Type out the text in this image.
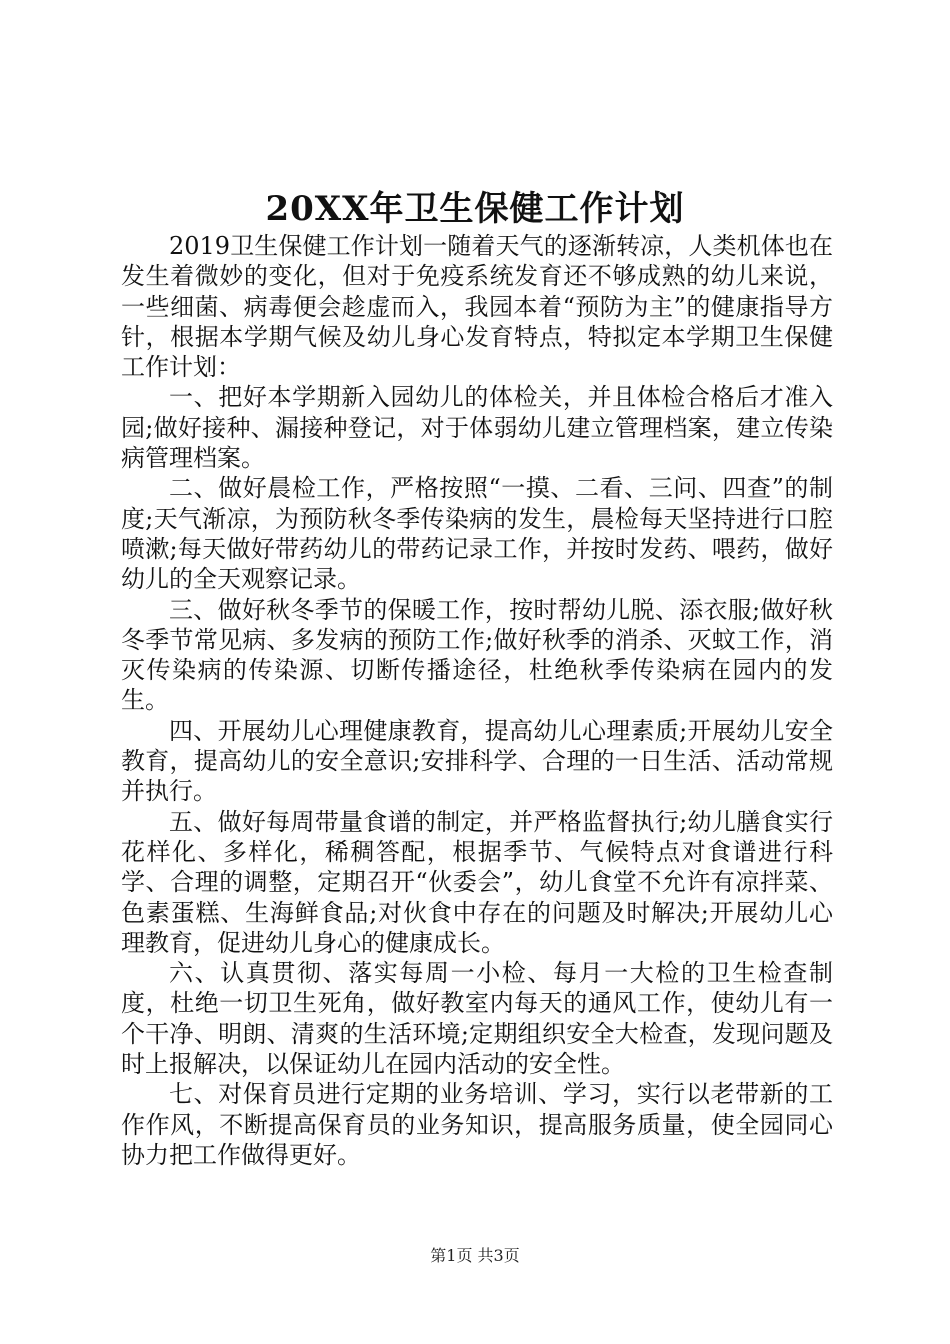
20XX年卫生保健工作计划

2019卫生保健工作计划一随着天气的逐渐转凉，人类机体也在发生着微妙的变化，但对于免疫系统发育还不够成熟的幼儿来说，一些细菌、病毒便会趁虚而入，我园本着“预防为主”的健康指导方针，根据本学期气候及幼儿身心发育特点，特拟定本学期卫生保健工作计划：

一、把好本学期新入园幼儿的体检关，并且体检合格后才准入园;做好接种、漏接种登记，对于体弱幼儿建立管理档案，建立传染病管理档案。

二、做好晨检工作，严格按照“一摸、二看、三问、四查”的制度;天气渐凉，为预防秋冬季传染病的发生，晨检每天坚持进行口腔喷漱;每天做好带药幼儿的带药记录工作，并按时发药、喂药，做好幼儿的全天观察记录。

三、做好秋冬季节的保暖工作，按时帮幼儿脱、添衣服;做好秋冬季节常见病、多发病的预防工作;做好秋季的消杀、灭蚊工作，消灭传染病的传染源、切断传播途径，杜绝秋季传染病在园内的发生。

四、开展幼儿心理健康教育，提高幼儿心理素质;开展幼儿安全教育，提高幼儿的安全意识;安排科学、合理的一日生活、活动常规并执行。

五、做好每周带量食谱的制定，并严格监督执行;幼儿膳食实行花样化、多样化，稀稠答配，根据季节、气候特点对食谱进行科学、合理的调整，定期召开“伙委会”，幼儿食堂不允许有凉拌菜、色素蛋糕、生海鲜食品;对伙食中存在的问题及时解决;开展幼儿心理教育，促进幼儿身心的健康成长。

六、认真贯彻、落实每周一小检、每月一大检的卫生检查制度，杜绝一切卫生死角，做好教室内每天的通风工作，使幼儿有一个干净、明朗、清爽的生活环境;定期组织安全大检查，发现问题及时上报解决，以保证幼儿在园内活动的安全性。

七、对保育员进行定期的业务培训、学习，实行以老带新的工作作风，不断提高保育员的业务知识，提高服务质量，使全园同心协力把工作做得更好。

第1页 共3页
